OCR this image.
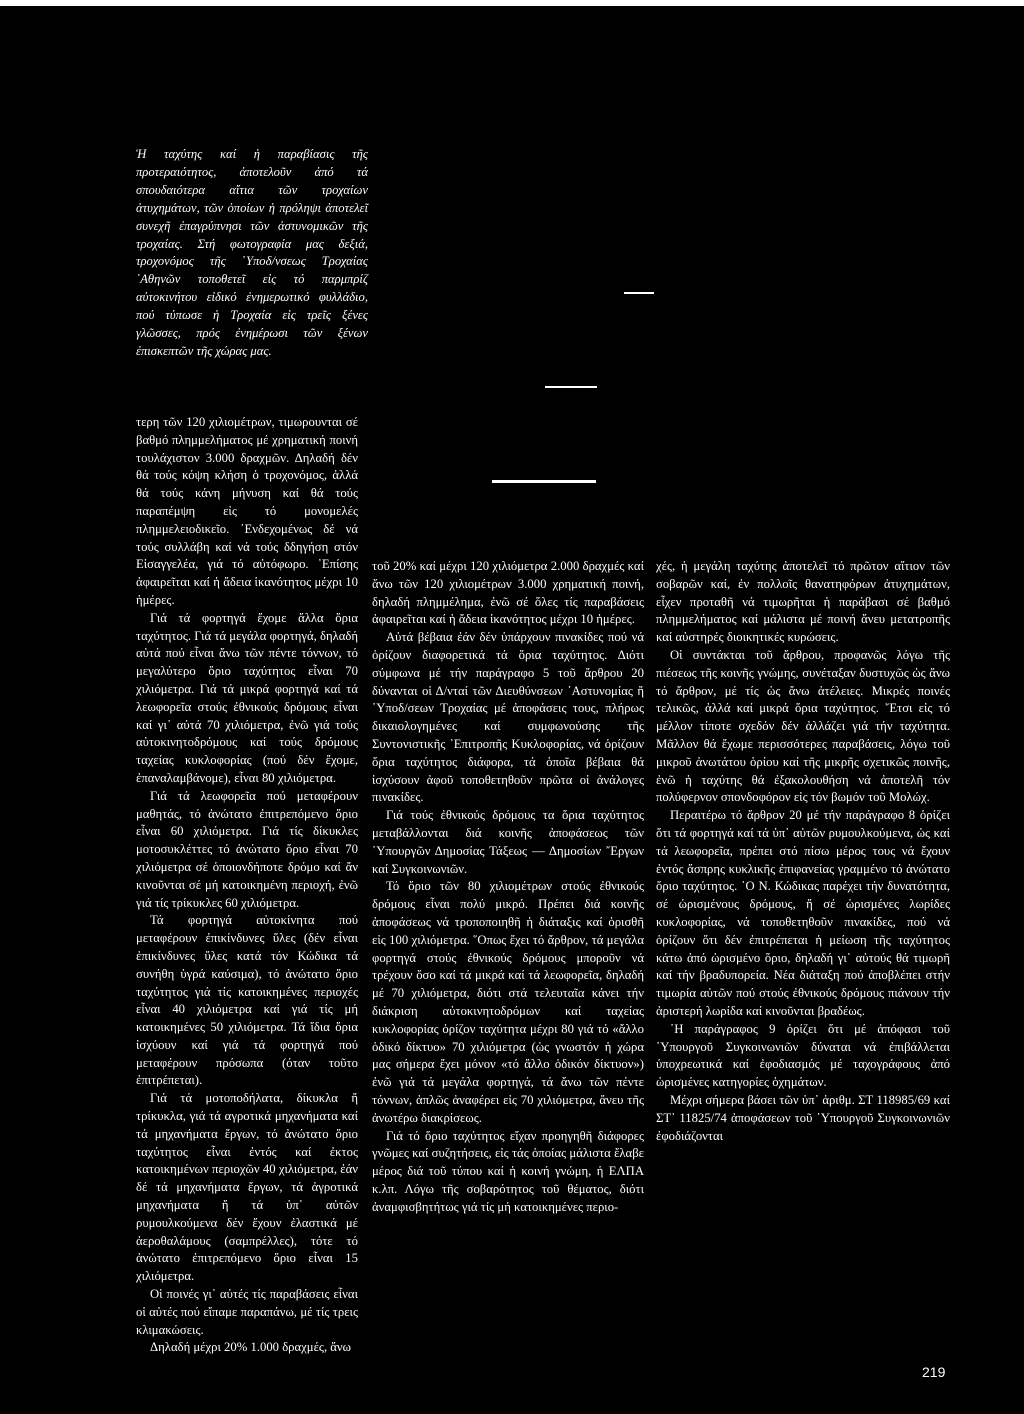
Ἡ ταχύτης καί ἡ παραβίασις τῆς προτεραιότητος, ἀποτελοῦν ἀπό τά σπουδαιότερα αἴτια τῶν τροχαίων ἀτυχημάτων, τῶν ὁποίων ἡ πρόληψι ἀποτελεῖ συνεχῆ ἐπαγρύπνησι τῶν ἀστυνομικῶν τῆς τροχαίας. Στή φωτογραφία μας δεξιά, τροχονόμος τῆς ῾Υποδ/νσεως Τροχαίας ᾿Αθηνῶν τοποθετεῖ εἰς τό παρμπρίζ αὐτοκινήτου εἰδικό ἐνημερωτικό φυλλάδιο, πού τύπωσε ἡ Τροχαία εἰς τρεῖς ξένες γλῶσσες, πρός ἐνημέρωσι τῶν ξένων ἐπισκεπτῶν τῆς χώρας μας.

τερη τῶν 120 χιλιομέτρων, τιμωρουνται σέ βαθμό πλημμελήματος μέ χρηματική ποινή τουλάχιστον 3.000 δραχμῶν. Δηλαδή δέν θά τούς κόψη κλήση ὁ τροχονόμος, ἀλλά θά τούς κάνη μήνυση καί θά τούς παραπέμψη εἰς τό μονομελές πλημμελειοδικεῖο. ᾿Ενδεχομένως δέ νά τούς συλλάβη καί νά τούς δδηγήση στόν Εἰσαγγελέα, γιά τό αὐτόφωρο. ᾿Επίσης ἀφαιρεῖται καί ἡ ἄδεια ἱκανότητος μέχρι 10 ἡμέρες.

Γιά τά φορτηγά ἔχομε ἄλλα ὅρια ταχύτητος. Γιά τά μεγάλα φορτηγά, δηλαδή αὐτά πού εἶναι ἄνω τῶν πέντε τόννων, τό μεγαλύτερο ὅριο ταχύτητος εἶναι 70 χιλιόμετρα. Γιά τά μικρά φορτηγά καί τά λεωφορεῖα στούς ἐθνικούς δρόμους εἶναι καί γι᾿ αὐτά 70 χιλιόμετρα, ἐνῶ γιά τούς αὐτοκινητοδρόμους καί τούς δρόμους ταχείας κυκλοφορίας (πού δέν ἔχομε, ἐπαναλαμβάνομε), εἶναι 80 χιλιόμετρα.

Γιά τά λεωφορεῖα πού μεταφέρουν μαθητάς, τό ἀνώτατο ἐπιτρεπόμενο ὅριο εἶναι 60 χιλιόμετρα. Γιά τίς δίκυκλες μοτοσυκλέττες τό ἀνώτατο ὅριο εἶναι 70 χιλιόμετρα σέ ὁποιονδήποτε δρόμο καί ἄν κινοῦνται σέ μή κατοικημένη περιοχή, ἐνῶ γιά τίς τρίκυκλες 60 χιλιόμετρα.

Τά φορτηγά αὐτοκίνητα πού μεταφέρουν ἐπικίνδυνες ὕλες (δέν εἶναι ἐπικίνδυνες ὕλες κατά τόν Κώδικα τά συνήθη ὑγρά καύσιμα), τό ἀνώτατο ὅριο ταχύτητος γιά τίς κατοικημένες περιοχές εἶναι 40 χιλιόμετρα καί γιά τίς μή κατοικημένες 50 χιλιόμετρα. Τά ἴδια ὅρια ἰσχύουν καί γιά τά φορτηγά πού μεταφέρουν πρόσωπα (όταν τοῦτο ἐπιτρέπεται).

Γιά τά μοτοποδήλατα, δίκυκλα ἤ τρίκυκλα, γιά τά αγροτικά μηχανήματα καί τά μηχανήματα ἔργων, τό ἀνώτατο ὅριο ταχύτητος εἶναι ἐντός καί ἐκτος κατοικημένων περιοχῶν 40 χιλιόμετρα, ἐάν δέ τά μηχανήματα ἔργων, τά ἀγροτικά μηχανήματα ἤ τά ὑπ᾿ αὐτῶν ρυμουλκούμενα δέν ἔχουν ἐλαστικά μέ ἀεροθαλάμους (σαμπρέλλες), τότε τό ἀνώτατο ἐπιτρεπόμενο ὅριο εἶναι 15 χιλιόμετρα.

Οἱ ποινές γι᾿ αὐτές τίς παραβάσεις εἶναι οἱ αὐτές πού εἴπαμε παραπάνω, μέ τίς τρεις κλιμακώσεις.

Δηλαδή μέχρι 20% 1.000 δραχμές, ἄνω

τοῦ 20% καί μέχρι 120 χιλιόμετρα 2.000 δραχμές καί ἄνω τῶν 120 χιλιομέτρων 3.000 χρηματική ποινή, δηλαδή πλημμέλημα, ἐνῶ σέ ὅλες τίς παραβάσεις ἀφαιρεῖται καί ἡ ἄδεια ἱκανότητος μέχρι 10 ἡμέρες.

Αὐτά βέβαια ἐάν δέν ὑπάρχουν πινακίδες πού νά ὁρίζουν διαφορετικά τά ὅρια ταχύτητος. Διότι σύμφωνα μέ τήν παράγραφο 5 τοῦ ἄρθρου 20 δύνανται οἱ Δ/νταί τῶν Διευθύνσεων ᾿Αστυνομίας ἤ ῾Υποδ/σεων Τροχαίας μέ ἀποφάσεις τους, πλήρως δικαιολογημένες καί συμφωνούσης τῆς Συντονιστικῆς ᾿Επιτροπῆς Κυκλοφορίας, νά ὁρίζουν ὅρια ταχύτητος διάφορα, τά ὁποῖα βέβαια θά ἰσχύσουν ἀφοῦ τοποθετηθοῦν πρῶτα οἱ ἀνάλογες πινακίδες.

Γιά τούς ἐθνικούς δρόμους τα ὅρια ταχύτητος μεταβάλλονται διά κοινῆς ἀποφάσεως τῶν ῾Υπουργῶν Δημοσίας Τάξεως — Δημοσίων ῎Εργων καί Συγκοινωνιῶν.

Τό ὅριο τῶν 80 χιλιομέτρων στούς ἐθνικούς δρόμους εἶναι πολύ μικρό. Πρέπει διά κοινῆς ἀποφάσεως νά τροποποιηθῆ ἡ διάταξις καί ὁρισθῆ εἰς 100 χιλιόμετρα. ῞Οπως ἔχει τό ἄρθρον, τά μεγάλα φορτηγά στούς ἐθνικούς δρόμους μποροῦν νά τρέχουν ὅσο καί τά μικρά καί τά λεωφορεῖα, δηλαδή μέ 70 χιλιόμετρα, διότι στά τελευταῖα κάνει τήν διάκριση αὐτοκινητοδρόμων καί ταχείας κυκλοφορίας ὁρίζον ταχύτητα μέχρι 80 γιά τό «ἄλλο ὁδικό δίκτυο» 70 χιλιόμετρα (ὡς γνωστόν ἡ χώρα μας σήμερα ἔχει μόνον «τό ἄλλο ὁδικόν δίκτυον») ἐνῶ γιά τά μεγάλα φορτηγά, τά ἄνω τῶν πέντε τόννων, ἀπλῶς ἀναφέρει εἰς 70 χιλιόμετρα, ἄνευ τῆς ἀνωτέρω διακρίσεως.

Γιά τό ὅριο ταχύτητος εἴχαν προηγηθῆ διάφορες γνῶμες καί συζητήσεις, εἰς τάς ὁποίας μάλιστα ἔλαβε μέρος διά τοῦ τύπου καί ἡ κοινή γνώμη, ἡ ΕΛΠΑ κ.λπ. Λόγω τῆς σοβαρότητος τοῦ θέματος, διότι ἀναμφισβητήτως γιά τίς μή κατοικημένες περιο-

χές, ἡ μεγάλη ταχύτης ἀποτελεῖ τό πρῶτον αἴτιον τῶν σοβαρῶν καί, ἐν πολλοῖς θανατηφόρων ἀτυχημάτων, εἶχεν προταθῆ νά τιμωρῆται ἡ παράβασι σέ βαθμό πλημμελήματος καί μάλιστα μέ ποινή ἄνευ μετατροπῆς καί αὐστηρές διοικητικές κυρώσεις.

Οἱ συντάκται τοῦ ἄρθρου, προφανῶς λόγω τῆς πιέσεως τῆς κοινῆς γνώμης, συνέταξαν δυστυχῶς ὡς ἄνω τό ἄρθρον, μέ τίς ὡς ἄνω ἀτέλειες. Μικρές ποινές τελικῶς, ἀλλά καί μικρά ὅρια ταχύτητος. ῎Ετσι εἰς τό μέλλον τίποτε σχεδόν δέν ἀλλάζει γιά τήν ταχύτητα. Μᾶλλον θά ἔχωμε περισσότερες παραβάσεις, λόγω τοῦ μικροῦ ἀνωτάτου ὁρίου καί τῆς μικρῆς σχετικῶς ποινῆς, ἐνῶ ἡ ταχύτης θά ἐξακολουθήση νά ἀποτελῆ τόν πολύφερνον σπονδοφόρον εἰς τόν βωμόν τοῦ Μολώχ.

Περαιτέρω τό ἄρθρον 20 μέ τήν παράγραφο 8 ὁρίζει ὅτι τά φορτηγά καί τά ὑπ᾿ αὐτῶν ρυμουλκούμενα, ὡς καί τά λεωφορεῖα, πρέπει στό πίσω μέρος τους νά ἔχουν ἐντός ἄσπρης κυκλικῆς ἐπιφανείας γραμμένο τό ἀνώτατο ὅριο ταχύτητος. ῾Ο Ν. Κώδικας παρέχει τήν δυνατότητα, σέ ὡρισμένους δρόμους, ἤ σέ ὡρισμένες λωρίδες κυκλοφορίας, νά τοποθετηθοῦν πινακίδες, πού νά ὁρίζουν ὅτι δέν ἐπιτρέπεται ἡ μείωση τῆς ταχύτητος κάτω ἀπό ὡρισμένο ὅριο, δηλαδή γι᾿ αὐτούς θά τιμωρῆ καί τήν βραδυπορεία. Νέα διάταξη πού ἀποβλέπει στήν τιμωρία αὐτῶν πού στούς ἐθνικούς δρόμους πιάνουν τήν ἀριστερή λωρίδα καί κινοῦνται βραδέως.

῾Η παράγραφος 9 ὁρίζει ὅτι μέ ἀπόφασι τοῦ ῾Υπουργοῦ Συγκοινωνιῶν δύναται νά ἐπιβάλλεται ὑποχρεωτικά καί ἐφοδιασμός μέ ταχογράφους ἀπό ὡρισμένες κατηγορίες ὀχημάτων.

Μέχρι σήμερα βάσει τῶν ὑπ᾿ ἀριθμ. ΣΤ 118985/69 καί ΣΤ᾿ 11825/74 ἀποφάσεων τοῦ ῾Υπουργοῦ Συγκοινωνιῶν ἐφοδιάζονται

219
